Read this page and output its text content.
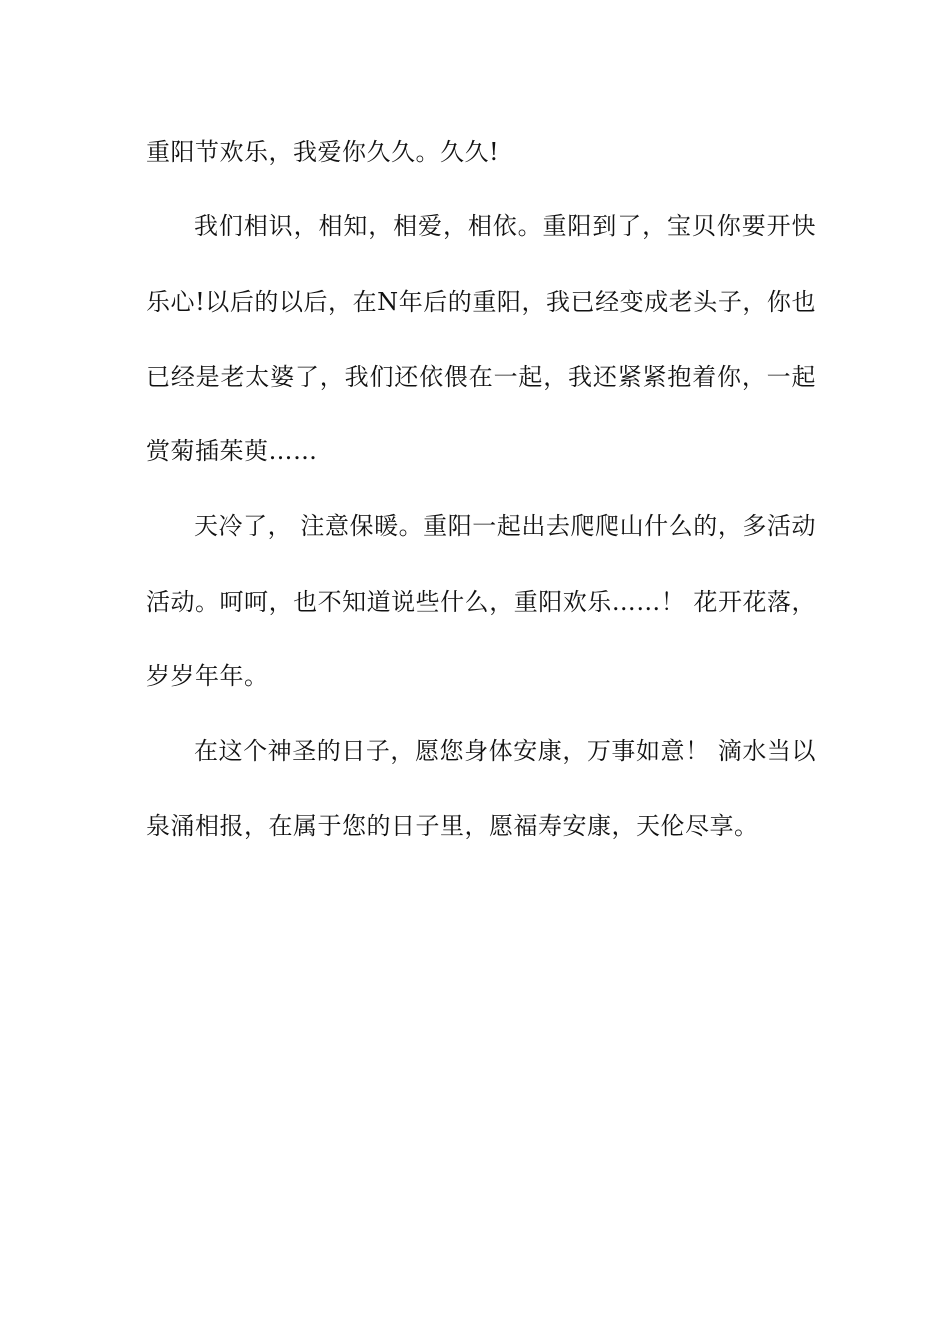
重阳节欢乐，我爱你久久。久久!
我们相识，相知，相爱，相依。重阳到了，宝贝你要开快
乐心!以后的以后，在N年后的重阳，我已经变成老头子，你也
已经是老太婆了，我们还依偎在一起，我还紧紧抱着你，一起
赏菊插茱萸……
天冷了， 注意保暖。重阳一起出去爬爬山什么的，多活动
活动。呵呵，也不知道说些什么，重阳欢乐……！ 花开花落，
岁岁年年。
在这个神圣的日子，愿您身体安康，万事如意！ 滴水当以
泉涌相报，在属于您的日子里，愿福寿安康，天伦尽享。
